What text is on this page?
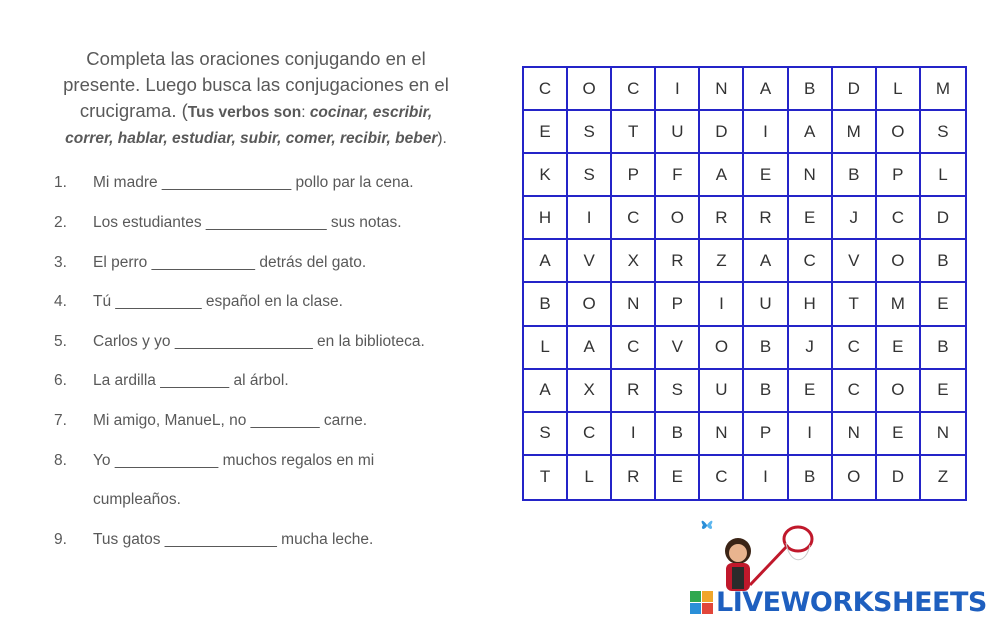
Completa las oraciones conjugando en el
presente. Luego busca las conjugaciones en el
crucigrama. (Tus verbos son: cocinar, escribir,
correr, hablar, estudiar, subir, comer, recibir, beber).
1.	Mi madre _______________ pollo par la cena.
2.	Los estudiantes ______________ sus notas.
3.	El perro ____________ detrás del gato.
4.	Tú __________ español en la clase.
5.	Carlos y yo ________________ en la biblioteca.
6.	La ardilla ________ al árbol.
7.	Mi amigo, ManueL, no ________ carne.
8.	Yo ____________ muchos regalos en mi
cumpleaños.
9.	Tus gatos _____________ mucha leche.
C	O	C	I	N	A	B	D	L	M
E	S	T	U	D	I	A	M	O	S
K	S	P	F	A	E	N	B	P	L
H	I	C	O	R	R	E	J	C	D
A	V	X	R	Z	A	C	V	O	B
B	O	N	P	I	U	H	T	M	E
L	A	C	V	O	B	J	C	E	B
A	X	R	S	U	B	E	C	O	E
S	C	I	B	N	P	I	N	E	N
T	L	R	E	C	I	B	O	D	Z
LIVEWORKSHEETS
